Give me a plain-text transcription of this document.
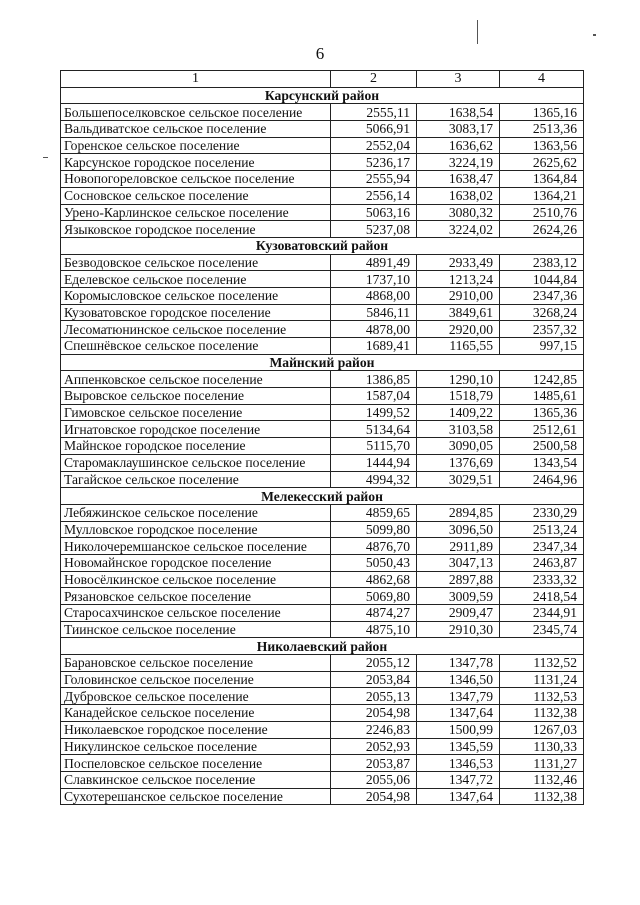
6
1	2	3	4
Карсунский район			
Большепоселковское сельское поселение	2555,11	1638,54	1365,16
Вальдиватское сельское поселение	5066,91	3083,17	2513,36
Горенское сельское поселение	2552,04	1636,62	1363,56
Карсунское городское поселение	5236,17	3224,19	2625,62
Новопогореловское сельское поселение	2555,94	1638,47	1364,84
Сосновское сельское поселение	2556,14	1638,02	1364,21
Урено-Карлинское сельское поселение	5063,16	3080,32	2510,76
Языковское городское поселение	5237,08	3224,02	2624,26
Кузоватовский район			
Безводовское сельское поселение	4891,49	2933,49	2383,12
Еделевское сельское поселение	1737,10	1213,24	1044,84
Коромысловское сельское поселение	4868,00	2910,00	2347,36
Кузоватовское городское поселение	5846,11	3849,61	3268,24
Лесоматюнинское сельское поселение	4878,00	2920,00	2357,32
Спешнёвское сельское поселение	1689,41	1165,55	997,15
Майнский район			
Аппенковское сельское поселение	1386,85	1290,10	1242,85
Выровское сельское поселение	1587,04	1518,79	1485,61
Гимовское сельское поселение	1499,52	1409,22	1365,36
Игнатовское городское поселение	5134,64	3103,58	2512,61
Майнское городское поселение	5115,70	3090,05	2500,58
Старомаклаушинское сельское поселение	1444,94	1376,69	1343,54
Тагайское сельское поселение	4994,32	3029,51	2464,96
Мелекесский район			
Лебяжинское сельское поселение	4859,65	2894,85	2330,29
Мулловское городское поселение	5099,80	3096,50	2513,24
Николочеремшанское сельское поселение	4876,70	2911,89	2347,34
Новомайнское городское поселение	5050,43	3047,13	2463,87
Новосёлкинское сельское поселение	4862,68	2897,88	2333,32
Рязановское сельское поселение	5069,80	3009,59	2418,54
Старосахчинское сельское поселение	4874,27	2909,47	2344,91
Тиинское сельское поселение	4875,10	2910,30	2345,74
Николаевский район			
Барановское сельское поселение	2055,12	1347,78	1132,52
Головинское сельское поселение	2053,84	1346,50	1131,24
Дубровское сельское поселение	2055,13	1347,79	1132,53
Канадейское сельское поселение	2054,98	1347,64	1132,38
Николаевское городское поселение	2246,83	1500,99	1267,03
Никулинское сельское поселение	2052,93	1345,59	1130,33
Поспеловское сельское поселение	2053,87	1346,53	1131,27
Славкинское сельское поселение	2055,06	1347,72	1132,46
Сухотерешанское сельское поселение	2054,98	1347,64	1132,38
